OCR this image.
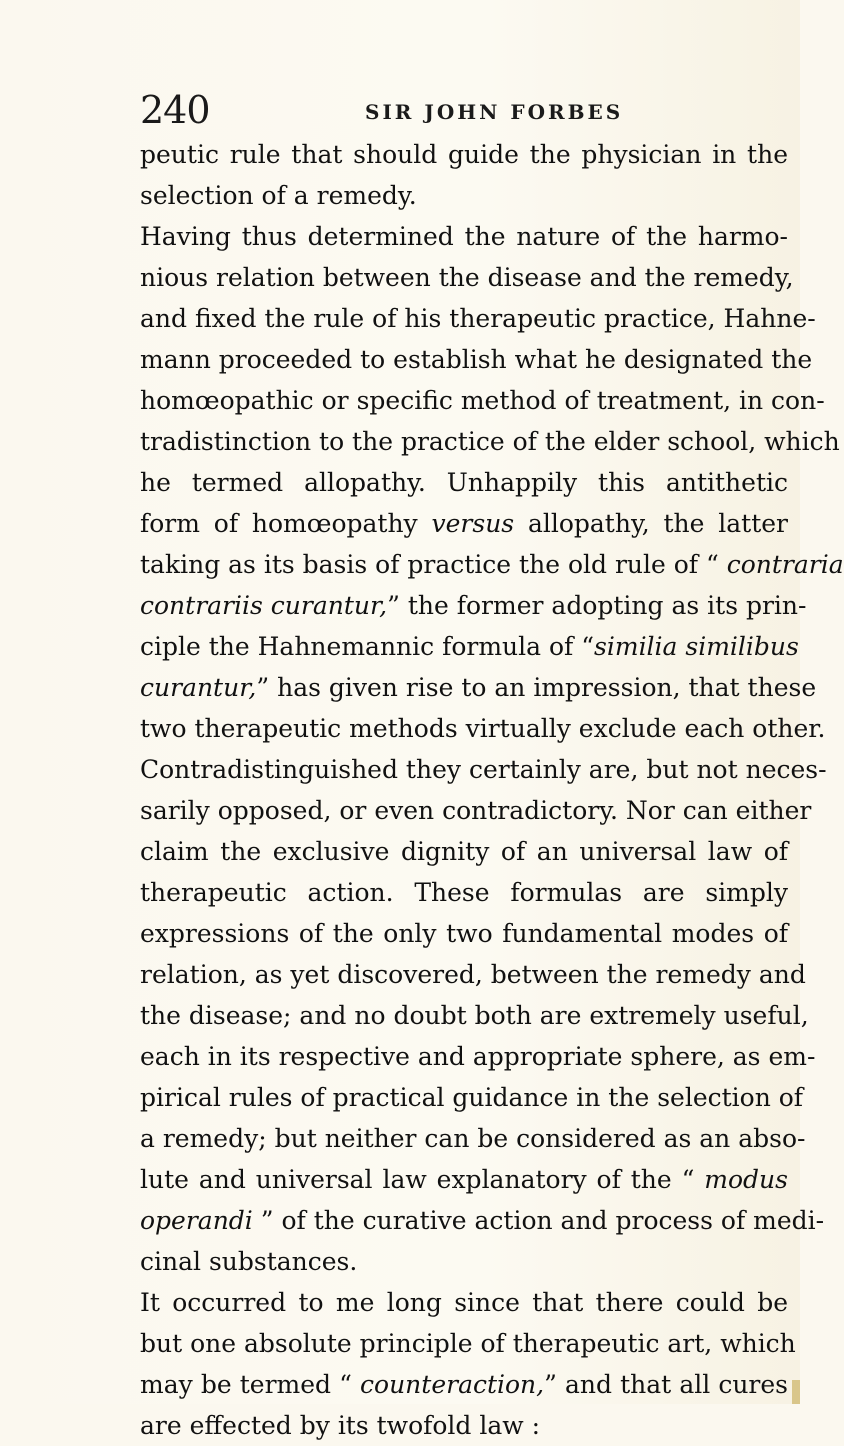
240	SIR JOHN FORBES
peutic rule that should guide the physician in the
selection of a remedy.
Having thus determined the nature of the harmo-
nious relation between the disease and the remedy,
and fixed the rule of his therapeutic practice, Hahne-
mann proceeded to establish what he designated the
homœopathic or specific method of treatment, in con-
tradistinction to the practice of the elder school, which
he termed allopathy. Unhappily this antithetic
form of homœopathy versus allopathy, the latter
taking as its basis of practice the old rule of “ contraria
contrariis curantur,” the former adopting as its prin-
ciple the Hahnemannic formula of “similia similibus
curantur,” has given rise to an impression, that these
two therapeutic methods virtually exclude each other.
Contradistinguished they certainly are, but not neces-
sarily opposed, or even contradictory. Nor can either
claim the exclusive dignity of an universal law of
therapeutic action. These formulas are simply
expressions of the only two fundamental modes of
relation, as yet discovered, between the remedy and
the disease; and no doubt both are extremely useful,
each in its respective and appropriate sphere, as em-
pirical rules of practical guidance in the selection of
a remedy; but neither can be considered as an abso-
lute and universal law explanatory of the “ modus
operandi ” of the curative action and process of medi-
cinal substances.
It occurred to me long since that there could be
but one absolute principle of therapeutic art, which
may be termed “ counteraction,” and that all cures
are effected by its twofold law :
